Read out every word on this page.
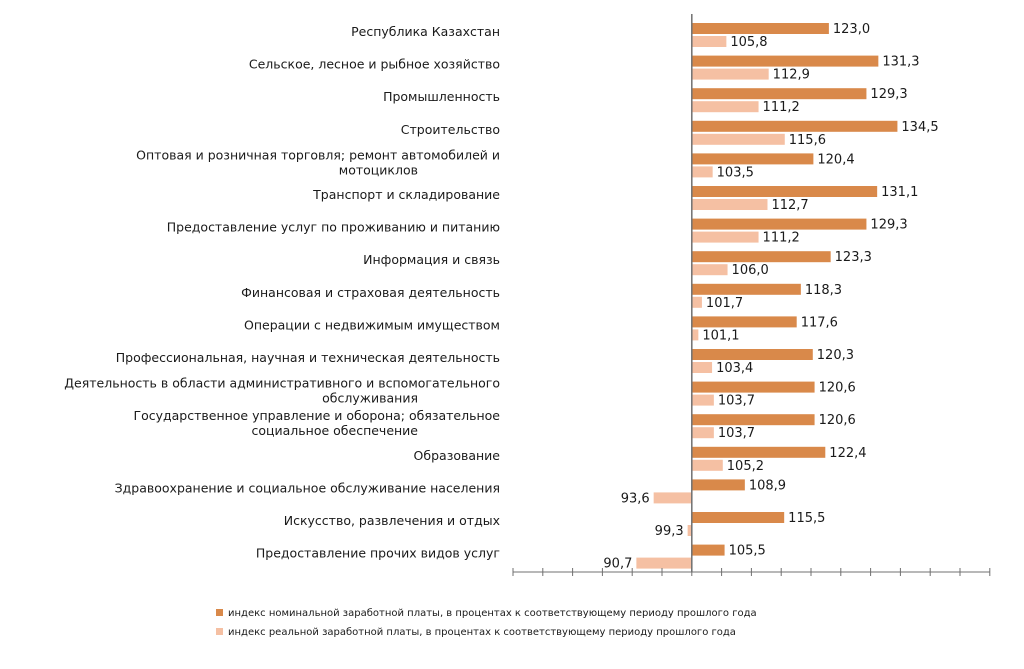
Республика Казахстан	123,0
105,8
Сельское, лесное и рыбное хозяйство	131,3
112,9
Промышленность	129,3
111,2
Строительство	134,5
115,6
Оптовая и розничная торговля; ремонт автомобилей и
мотоциклов
120,4
103,5
Транспорт и складирование	131,1
112,7
Предоставление услуг по проживанию и питанию	129,3
111,2
Информация и связь	123,3
106,0
Финансовая и страховая деятельность	118,3
101,7
Операции с недвижимым имуществом	117,6
101,1
Профессиональная, научная и техническая деятельность	120,3
103,4
Деятельность в области административного и вспомогательного
обслуживания
120,6
103,7
Государственное управление и оборона; обязательное
социальное обеспечение
120,6
103,7
Образование	122,4
105,2
Здравоохранение и социальное обслуживание населения	108,9
93,6
Искусство, развлечения и отдых	115,5
99,3
Предоставление прочих видов услуг	105,5
90,7
индекс номинальной заработной платы, в процентах к соответствующему периоду прошлого года
индекс реальной заработной платы, в процентах к соответствующему периоду прошлого года
